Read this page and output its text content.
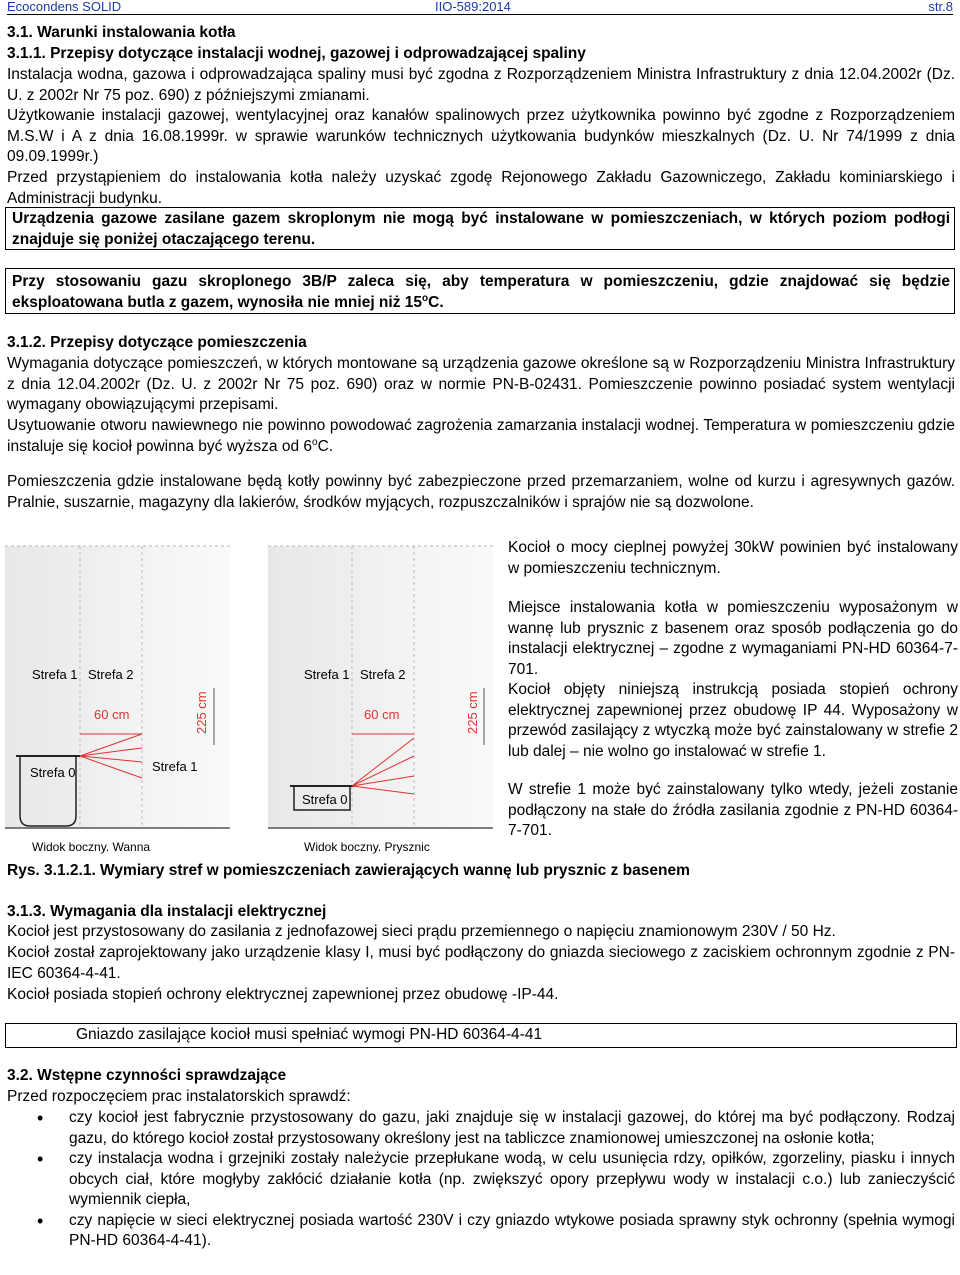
Ecocondens SOLID	IIO-589:2014	str.8

3.1. Warunki instalowania kotła

3.1.1. Przepisy dotyczące instalacji wodnej, gazowej i odprowadzającej spaliny

Instalacja wodna, gazowa i odprowadzająca spaliny musi być zgodna z Rozporządzeniem Ministra Infrastruktury z dnia 12.04.2002r (Dz. U. z 2002r Nr 75 poz. 690) z późniejszymi zmianami.

Użytkowanie instalacji gazowej, wentylacyjnej oraz kanałów spalinowych przez użytkownika powinno być zgodne z Rozporządzeniem M.S.W i A z dnia 16.08.1999r. w sprawie warunków technicznych użytkowania budynków mieszkalnych (Dz. U. Nr 74/1999 z dnia 09.09.1999r.)

Przed przystąpieniem do instalowania kotła należy uzyskać zgodę Rejonowego Zakładu Gazowniczego, Zakładu kominiarskiego i Administracji budynku.

Urządzenia gazowe zasilane gazem skroplonym nie mogą być instalowane w pomieszczeniach, w których poziom podłogi znajduje się poniżej otaczającego terenu.

Przy stosowaniu gazu skroplonego 3B/P zaleca się, aby temperatura w pomieszczeniu, gdzie znajdować się będzie eksploatowana butla z gazem, wynosiła nie mniej niż 15$^o$C.

3.1.2. Przepisy dotyczące pomieszczenia

Wymagania dotyczące pomieszczeń, w których montowane są urządzenia gazowe określone są w Rozporządzeniu Ministra Infrastruktury z dnia 12.04.2002r (Dz. U. z 2002r Nr 75 poz. 690) oraz w normie PN-B-02431. Pomieszczenie powinno posiadać system wentylacji wymagany obowiązującymi przepisami.

Usytuowanie otworu nawiewnego nie powinno powodować zagrożenia zamarzania instalacji wodnej. Temperatura w pomieszczeniu gdzie instaluje się kocioł powinna być wyższa od 6$^o$C.

Pomieszczenia gdzie instalowane będą kotły powinny być zabezpieczone przed przemarzaniem, wolne od kurzu i agresywnych gazów. Pralnie, suszarnie, magazyny dla lakierów, środków myjących, rozpuszczalników i sprajów nie są dozwolone.

Kocioł o mocy cieplnej powyżej 30kW powinien być instalowany w pomieszczeniu technicznym.

Miejsce instalowania kotła w pomieszczeniu wyposażonym w wannę lub prysznic z basenem oraz sposób podłączenia go do instalacji elektrycznej – zgodne z wymaganiami PN-HD 60364-7-701.

Kocioł objęty niniejszą instrukcją posiada stopień ochrony elektrycznej zapewnionej przez obudowę IP 44. Wyposażony w przewód zasilający z wtyczką może być zainstalowany w strefie 2 lub dalej – nie wolno go instalować w strefie 1.

W strefie 1 może być zainstalowany tylko wtedy, jeżeli zostanie podłączony na stałe do źródła zasilania zgodnie z PN-HD 60364-7-701.

Strefa 1 Strefa 2
60 cm
Strefa 1
Strefa 0
225 cm
Widok boczny. Wanna
Strefa 1 Strefa 2
60 cm
Strefa 0
225 cm
Widok boczny. Prysznic

Rys. 3.1.2.1. Wymiary stref w pomieszczeniach zawierających wannę lub prysznic z basenem

3.1.3. Wymagania dla instalacji elektrycznej

Kocioł jest przystosowany do zasilania z jednofazowej sieci prądu przemiennego o napięciu znamionowym 230V / 50 Hz.

Kocioł został zaprojektowany jako urządzenie klasy I, musi być podłączony do gniazda sieciowego z zaciskiem ochronnym zgodnie z PN-IEC 60364-4-41.

Kocioł posiada stopień ochrony elektrycznej zapewnionej przez obudowę -IP-44.

Gniazdo zasilające kocioł musi spełniać wymogi PN-HD 60364-4-41

3.2. Wstępne czynności sprawdzające

Przed rozpoczęciem prac instalatorskich sprawdź:

• czy kocioł jest fabrycznie przystosowany do gazu, jaki znajduje się w instalacji gazowej, do której ma być podłączony. Rodzaj gazu, do którego kocioł został przystosowany określony jest na tabliczce znamionowej umieszczonej na osłonie kotła;
• czy instalacja wodna i grzejniki zostały należycie przepłukane wodą, w celu usunięcia rdzy, opiłków, zgorzeliny, piasku i innych obcych ciał, które mogłyby zakłócić działanie kotła (np. zwiększyć opory przepływu wody w instalacji c.o.) lub zanieczyścić wymiennik ciepła,
• czy napięcie w sieci elektrycznej posiada wartość 230V i czy gniazdo wtykowe posiada sprawny styk ochronny (spełnia wymogi PN-HD 60364-4-41).
